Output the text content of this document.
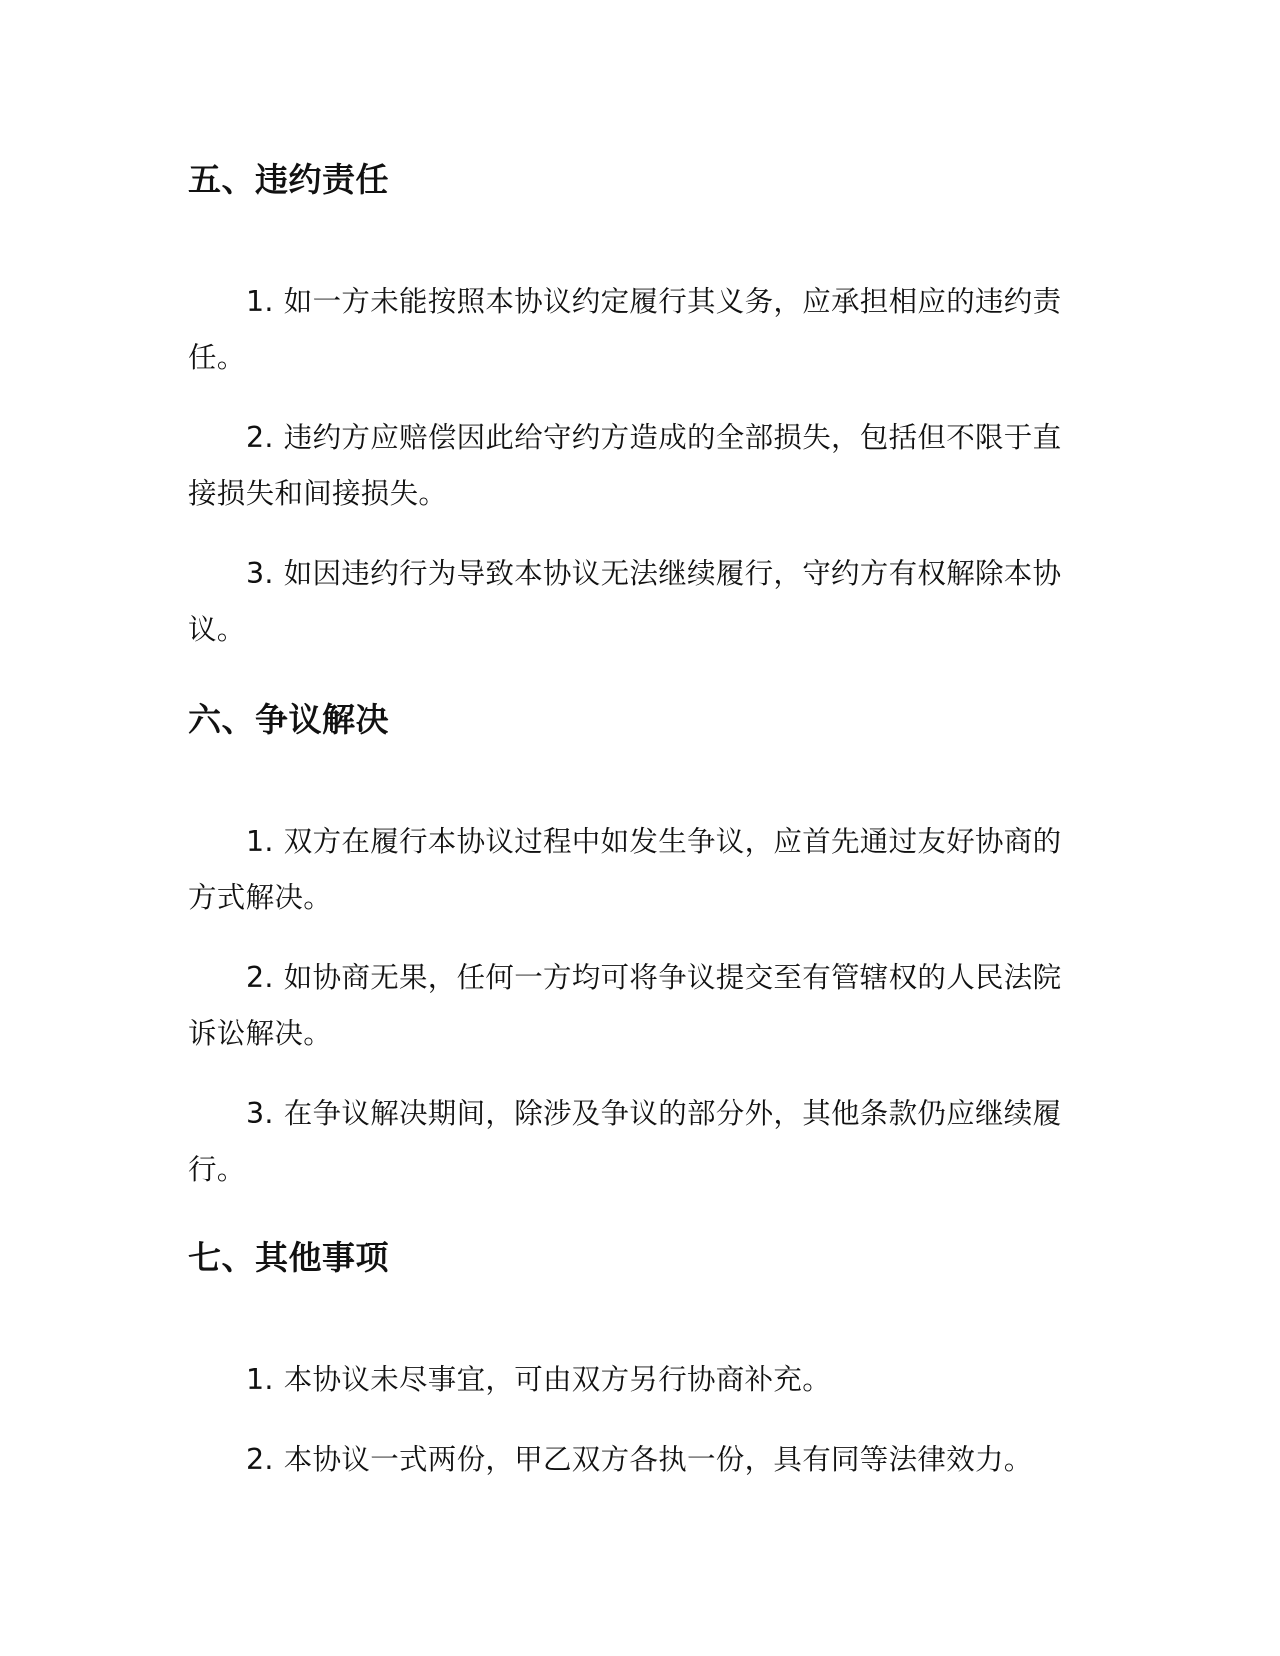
五、违约责任
1. 如一方未能按照本协议约定履行其义务，应承担相应的违约责任。
2. 违约方应赔偿因此给守约方造成的全部损失，包括但不限于直接损失和间接损失。
3. 如因违约行为导致本协议无法继续履行，守约方有权解除本协议。
六、争议解决
1. 双方在履行本协议过程中如发生争议，应首先通过友好协商的方式解决。
2. 如协商无果，任何一方均可将争议提交至有管辖权的人民法院诉讼解决。
3. 在争议解决期间，除涉及争议的部分外，其他条款仍应继续履行。
七、其他事项
1. 本协议未尽事宜，可由双方另行协商补充。
2. 本协议一式两份，甲乙双方各执一份，具有同等法律效力。
